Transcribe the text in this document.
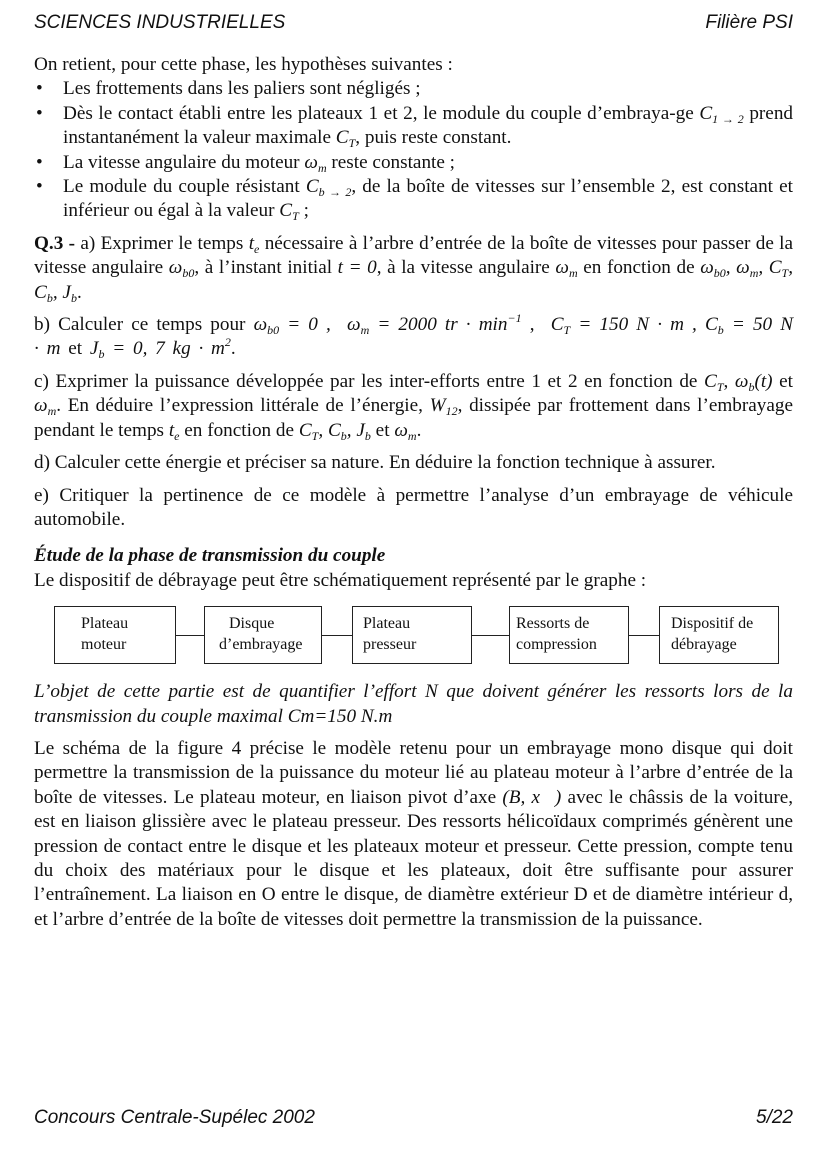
SCIENCES INDUSTRIELLES	Filière PSI

On retient, pour cette phase, les hypothèses suivantes :

• Les frottements dans les paliers sont négligés ;
• Dès le contact établi entre les plateaux 1 et 2, le module du couple d’embraya-ge $C_{1 \to 2}$ prend instantanément la valeur maximale $C_T$, puis reste constant.
• La vitesse angulaire du moteur $\omega_m$ reste constante ;
• Le module du couple résistant $C_{b \to 2}$, de la boîte de vitesses sur l’ensemble 2, est constant et inférieur ou égal à la valeur $C_T$ ;

Q.3 - a) Exprimer le temps $t_e$ nécessaire à l’arbre d’entrée de la boîte de vitesses pour passer de la vitesse angulaire $\omega_{b0}$, à l’instant initial t = 0, à la vitesse angulaire $\omega_m$ en fonction de $\omega_{b0}$, $\omega_m$, $C_T$, $C_b$, $J_b$.

b) Calculer ce temps pour $\omega_{b0} = 0$ , $\omega_m = 2000$ tr · $\min^{-1}$ ,  $C_T = 150$ N · m , $C_b = 50$ N · m et $J_b = 0$, 7 kg · $m^2$.

c) Exprimer la puissance développée par les inter-efforts entre 1 et 2 en fonction de $C_T$, $\omega_b(t)$ et $\omega_m$. En déduire l’expression littérale de l’énergie, $W_{12}$, dissipée par frottement dans l’embrayage pendant le temps $t_e$ en fonction de $C_T$, $C_b$, $J_b$ et $\omega_m$.

d) Calculer cette énergie et préciser sa nature. En déduire la fonction technique à assurer.

e) Critiquer la pertinence de ce modèle à permettre l’analyse d’un embrayage de véhicule automobile.

Étude de la phase de transmission du couple

Le dispositif de débrayage peut être schématiquement représenté par le graphe :

Plateau
moteur
Disque
d’embrayage
Plateau
presseur
Ressorts de
compression
Dispositif de
débrayage

L’objet de cette partie est de quantifier l’effort N que doivent générer les ressorts lors de la transmission du couple maximal Cm=150 N.m

Le schéma de la figure 4 précise le modèle retenu pour un embrayage mono disque qui doit permettre la transmission de la puissance du moteur lié au plateau moteur à l’arbre d’entrée de la boîte de vitesses. Le plateau moteur, en liaison pivot d’axe (B, x⃗) avec le châssis de la voiture, est en liaison glissière avec le plateau presseur. Des ressorts hélicoïdaux comprimés génèrent une pression de contact entre le disque et les plateaux moteur et presseur. Cette pression, compte tenu du choix des matériaux pour le disque et les plateaux, doit être suffisante pour assurer l’entraînement. La liaison en O entre le disque, de diamètre extérieur D et de diamètre intérieur d, et l’arbre d’entrée de la boîte de vitesses doit permettre la transmission de la puissance.

Concours Centrale-Supélec 2002	5/22
